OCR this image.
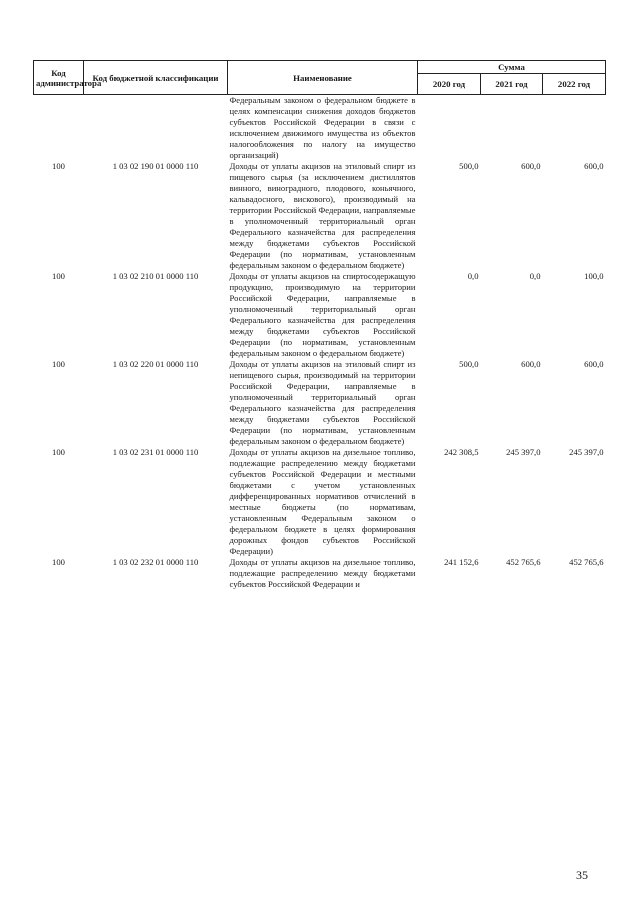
Код администратора	Код бюджетной классификации	Наименование	Сумма		
			2020 год	2021 год	2022 год
		Федеральным законом о федеральном бюджете в целях компенсации снижения доходов бюджетов субъектов Российской Федерации в связи с исключением движимого имущества из объектов налогообложения по налогу на имущество организаций)			
100	1 03 02 190 01 0000 110	Доходы от уплаты акцизов на этиловый спирт из пищевого сырья (за исключением дистиллятов винного, виноградного, плодового, коньячного, кальвадосного, вискового), производимый на территории Российской Федерации, направляемые в уполномоченный территориальный орган Федерального казначейства для распределения между бюджетами субъектов Российской Федерации (по нормативам, установленным федеральным законом о федеральном бюджете)	500,0	600,0	600,0
100	1 03 02 210 01 0000 110	Доходы от уплаты акцизов на спиртосодержащую продукцию, производимую на территории Российской Федерации, направляемые в уполномоченный территориальный орган Федерального казначейства для распределения между бюджетами субъектов Российской Федерации (по нормативам, установленным федеральным законом о федеральном бюджете)	0,0	0,0	100,0
100	1 03 02 220 01 0000 110	Доходы от уплаты акцизов на этиловый спирт из непищевого сырья, производимый на территории Российской Федерации, направляемые в уполномоченный территориальный орган Федерального казначейства для распределения между бюджетами субъектов Российской Федерации (по нормативам, установленным федеральным законом о федеральном бюджете)	500,0	600,0	600,0
100	1 03 02 231 01 0000 110	Доходы от уплаты акцизов на дизельное топливо, подлежащие распределению между бюджетами субъектов Российской Федерации и местными бюджетами с учетом установленных дифференцированных нормативов отчислений в местные бюджеты (по нормативам, установленным Федеральным законом о федеральном бюджете в целях формирования дорожных фондов субъектов Российской Федерации)	242 308,5	245 397,0	245 397,0
100	1 03 02 232 01 0000 110	Доходы от уплаты акцизов на дизельное топливо, подлежащие распределению между бюджетами субъектов Российской Федерации и	241 152,6	452 765,6	452 765,6
35
